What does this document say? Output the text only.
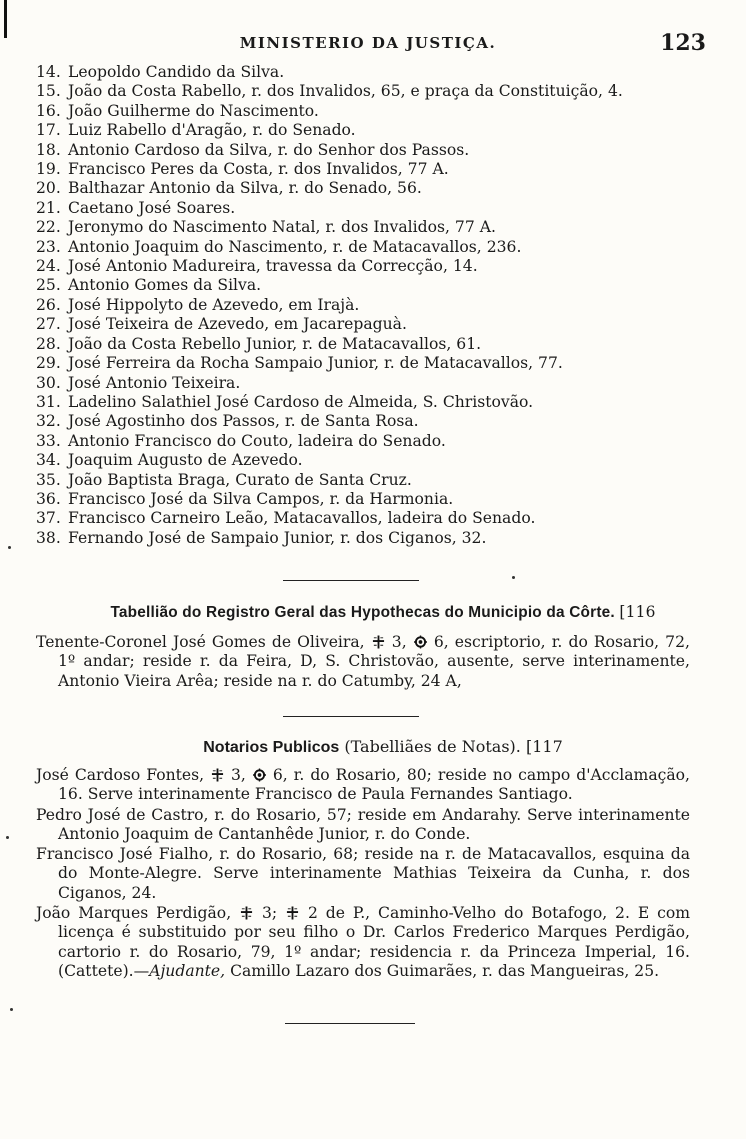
MINISTERIO DA JUSTIÇA.	123
14. Leopoldo Candido da Silva.
15. João da Costa Rabello, r. dos Invalidos, 65, e praça da Constituição, 4.
16. João Guilherme do Nascimento.
17. Luiz Rabello d'Aragão, r. do Senado.
18. Antonio Cardoso da Silva, r. do Senhor dos Passos.
19. Francisco Peres da Costa, r. dos Invalidos, 77 A.
20. Balthazar Antonio da Silva, r. do Senado, 56.
21. Caetano José Soares.
22. Jeronymo do Nascimento Natal, r. dos Invalidos, 77 A.
23. Antonio Joaquim do Nascimento, r. de Matacavallos, 236.
24. José Antonio Madureira, travessa da Correcção, 14.
25. Antonio Gomes da Silva.
26. José Hippolyto de Azevedo, em Irajà.
27. José Teixeira de Azevedo, em Jacarepaguà.
28. João da Costa Rebello Junior, r. de Matacavallos, 61.
29. José Ferreira da Rocha Sampaio Junior, r. de Matacavallos, 77.
30. José Antonio Teixeira.
31. Ladelino Salathiel José Cardoso de Almeida, S. Christovão.
32. José Agostinho dos Passos, r. de Santa Rosa.
33. Antonio Francisco do Couto, ladeira do Senado.
34. Joaquim Augusto de Azevedo.
35. João Baptista Braga, Curato de Santa Cruz.
36. Francisco José da Silva Campos, r. da Harmonia.
37. Francisco Carneiro Leão, Matacavallos, ladeira do Senado.
38. Fernando José de Sampaio Junior, r. dos Ciganos, 32.
Tabellião do Registro Geral das Hypothecas do Municipio da Côrte. [116
Tenente-Coronel José Gomes de Oliveira, 3, 6, escriptorio, r. do Rosario, 72, 1º andar; reside r. da Feira, D, S. Christovão, ausente, serve interinamente, Antonio Vieira Arêa; reside na r. do Catumby, 24 A,
Notarios Publicos (Tabelliães de Notas). [117
José Cardoso Fontes, 3, 6, r. do Rosario, 80; reside no campo d'Acclamação, 16. Serve interinamente Francisco de Paula Fernandes Santiago.
Pedro José de Castro, r. do Rosario, 57; reside em Andarahy. Serve interinamente Antonio Joaquim de Cantanhêde Junior, r. do Conde.
Francisco José Fialho, r. do Rosario, 68; reside na r. de Matacavallos, esquina da do Monte-Alegre. Serve interinamente Mathias Teixeira da Cunha, r. dos Ciganos, 24.
João Marques Perdigão, 3; 2 de P., Caminho-Velho do Botafogo, 2. E com licença é substituido por seu filho o Dr. Carlos Frederico Marques Perdigão, cartorio r. do Rosario, 79, 1º andar; residencia r. da Princeza Imperial, 16. (Cattete).—Ajudante, Camillo Lazaro dos Guimarães, r. das Mangueiras, 25.
